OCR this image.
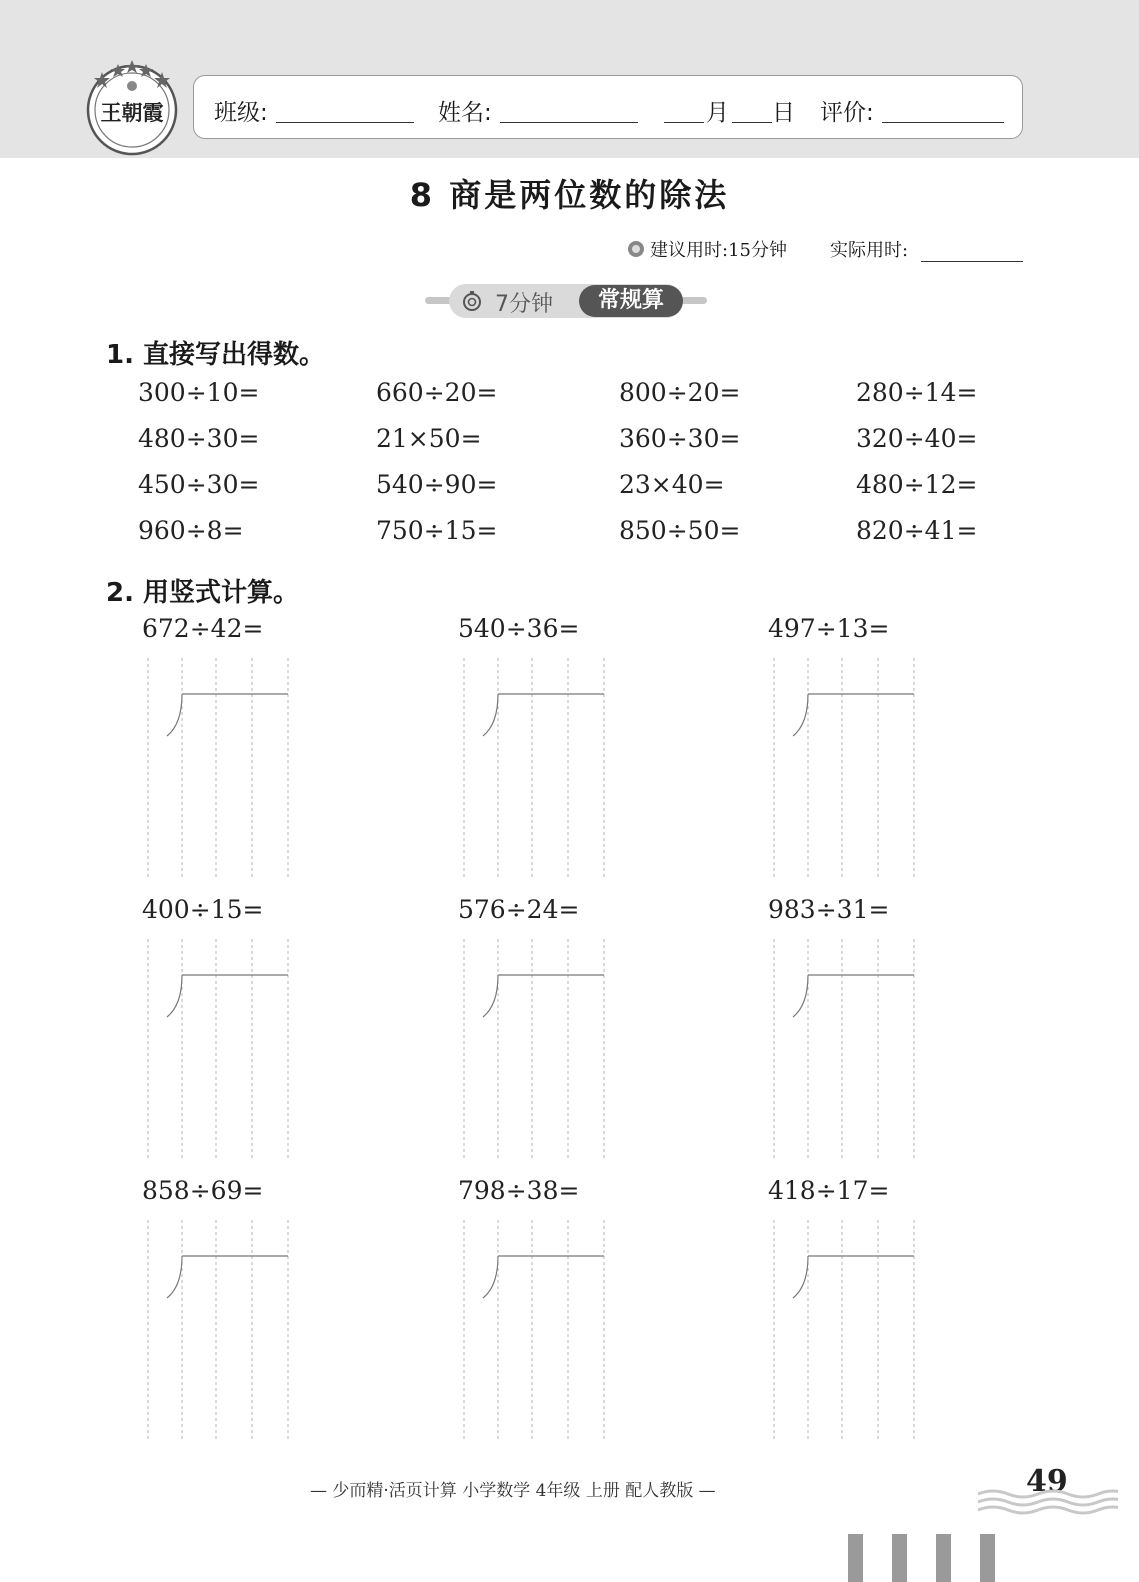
王朝霞 班级:	姓名:	月 日 评价:
8 商是两位数的除法
建议用时:15分钟 实际用时:
7分钟	常规算
1. 直接写出得数。
300÷10=	660÷20=	800÷20=	280÷14=
480÷30=	21×50=	360÷30=	320÷40=
450÷30=	540÷90=	23×40=	480÷12=
960÷8=	750÷15=	850÷50=	820÷41=
2. 用竖式计算。
672÷42=	540÷36=	497÷13=
400÷15=	576÷24=	983÷31=
858÷69=	798÷38=	418÷17=
— 少而精·活页计算 小学数学 4年级 上册 配人教版 —	49
